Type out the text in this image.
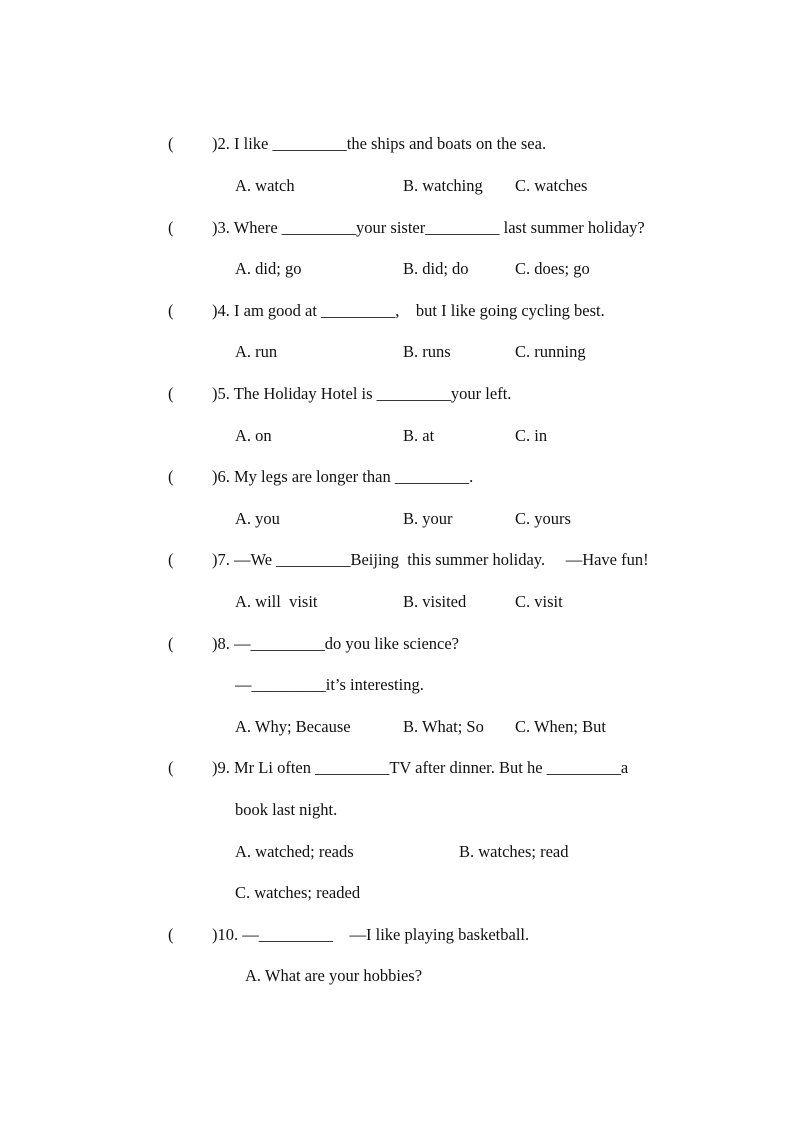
( )2. I like _________the ships and boats on the sea.
A. watch	B. watching C. watches
( )3. Where _________your sister_________ last summer holiday?
A. did; go	B. did; do	C. does; go
( )4. I am good at _________,    but I like going cycling best.
A. run	B. runs	C. running
( )5. The Holiday Hotel is _________your left.
A. on	B. at	C. in
( )6. My legs are longer than _________.
A. you	B. your	C. yours
( )7. —We _________Beijing  this summer holiday.     —Have fun!
A. will  visit	B. visited	C. visit
( )8. —_________do you like science?
—_________it’s interesting.
A. Why; Because	B. What; So C. When; But
( )9. Mr Li often _________TV after dinner. But he _________a
book last night.
A. watched; reads	B. watches; read
C. watches; readed
( )10. —_________    —I like playing basketball.
A. What are your hobbies?
